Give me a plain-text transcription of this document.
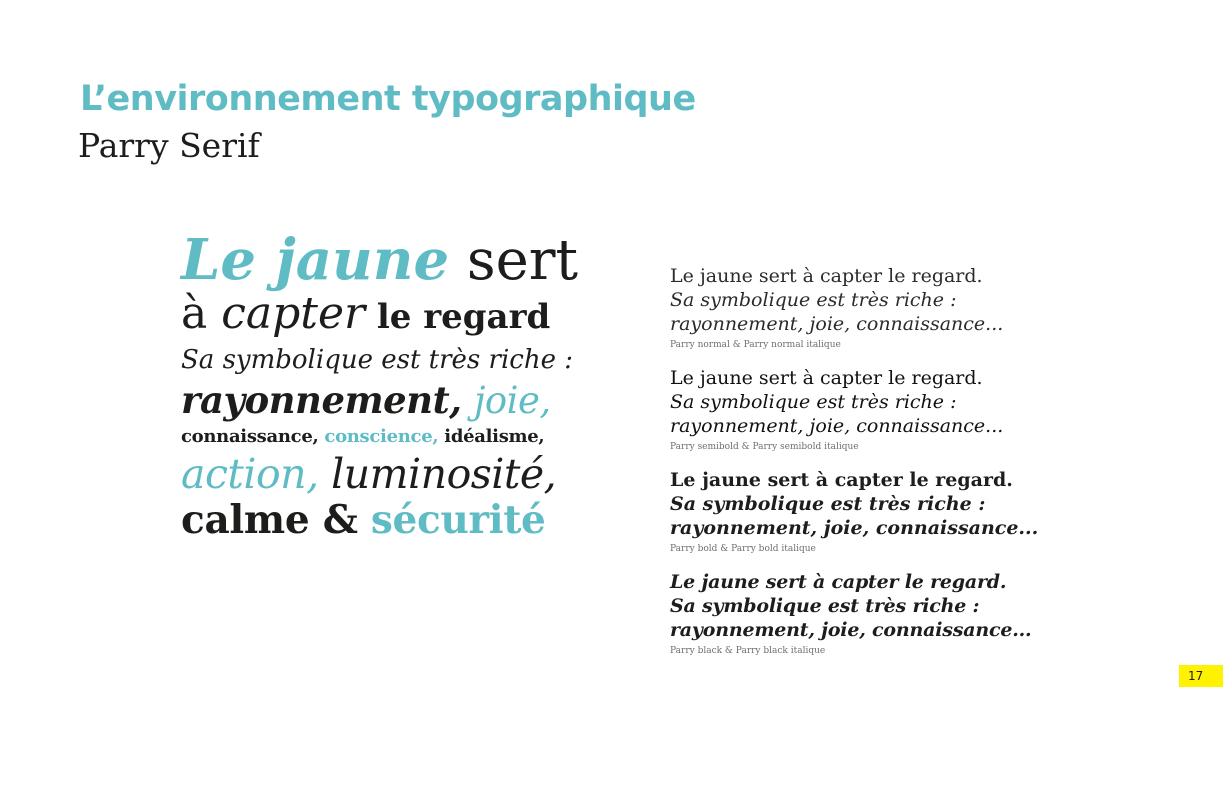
L’environnement typographique
Parry Serif
Le jaune sert
à capter le regard
Sa symbolique est très riche :
rayonnement, joie,
connaissance, conscience, idéalisme,
action, luminosité,
calme & sécurité
Le jaune sert à capter le regard.
Sa symbolique est très riche :
rayonnement, joie, connaissance...
Parry normal & Parry normal italique
Le jaune sert à capter le regard.
Sa symbolique est très riche :
rayonnement, joie, connaissance...
Parry semibold & Parry semibold italique
Le jaune sert à capter le regard.
Sa symbolique est très riche :
rayonnement, joie, connaissance...
Parry bold & Parry bold italique
Le jaune sert à capter le regard.
Sa symbolique est très riche :
rayonnement, joie, connaissance...
Parry black & Parry black italique
17
